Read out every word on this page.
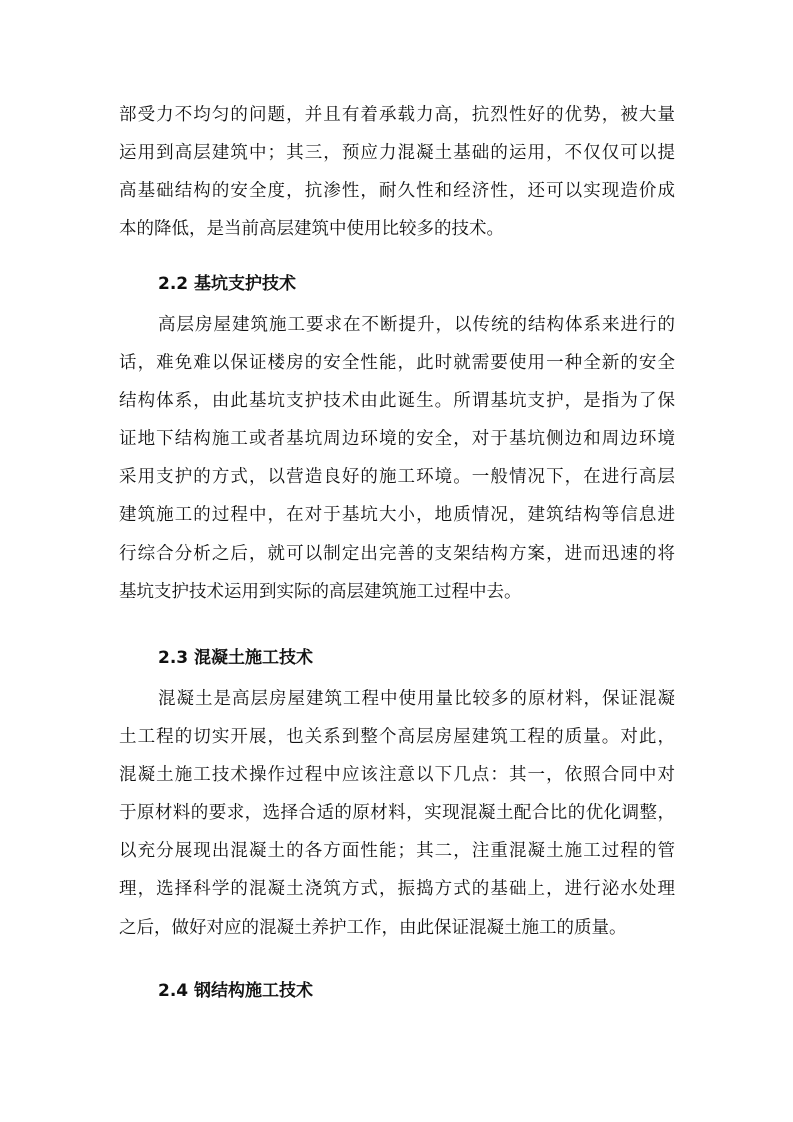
部受力不均匀的问题，并且有着承载力高，抗烈性好的优势，被大量
运用到高层建筑中；其三，预应力混凝土基础的运用，不仅仅可以提
高基础结构的安全度，抗渗性，耐久性和经济性，还可以实现造价成
本的降低，是当前高层建筑中使用比较多的技术。
2.2 基坑支护技术
高层房屋建筑施工要求在不断提升，以传统的结构体系来进行的
话，难免难以保证楼房的安全性能，此时就需要使用一种全新的安全
结构体系，由此基坑支护技术由此诞生。所谓基坑支护，是指为了保
证地下结构施工或者基坑周边环境的安全，对于基坑侧边和周边环境
采用支护的方式，以营造良好的施工环境。一般情况下，在进行高层
建筑施工的过程中，在对于基坑大小，地质情况，建筑结构等信息进
行综合分析之后，就可以制定出完善的支架结构方案，进而迅速的将
基坑支护技术运用到实际的高层建筑施工过程中去。
2.3 混凝土施工技术
混凝土是高层房屋建筑工程中使用量比较多的原材料，保证混凝
土工程的切实开展，也关系到整个高层房屋建筑工程的质量。对此，
混凝土施工技术操作过程中应该注意以下几点：其一，依照合同中对
于原材料的要求，选择合适的原材料，实现混凝土配合比的优化调整，
以充分展现出混凝土的各方面性能；其二，注重混凝土施工过程的管
理，选择科学的混凝土浇筑方式，振捣方式的基础上，进行泌水处理
之后，做好对应的混凝土养护工作，由此保证混凝土施工的质量。
2.4 钢结构施工技术
